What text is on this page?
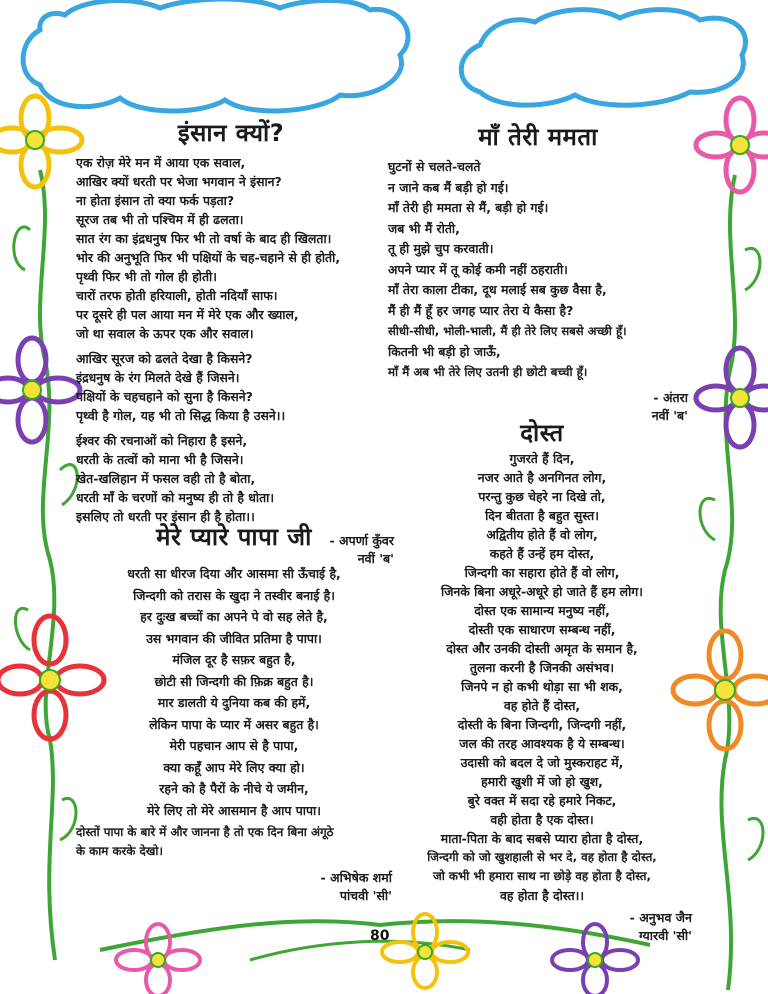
इंसान क्यों?
एक रोज़ मेरे मन में आया एक सवाल,
आखिर क्यों धरती पर भेजा भगवान ने इंसान?
ना होता इंसान तो क्या फर्क पड़ता?
सूरज तब भी तो पश्चिम में ही ढलता।
सात रंग का इंद्रधनुष फिर भी तो वर्षा के बाद ही खिलता।
भोर की अनुभूति फिर भी पक्षियों के चह-चहाने से ही होती,
पृथ्वी फिर भी तो गोल ही होती।
चारों तरफ होती हरियाली, होती नदियाँ साफ।
पर दूसरे ही पल आया मन में मेरे एक और ख्याल,
जो था सवाल के ऊपर एक और सवाल।
आखिर सूरज को ढलते देखा है किसने?
इंद्रधनुष के रंग मिलते देखे हैं जिसने।
पक्षियों के चहचहाने को सुना है किसने?
पृथ्वी है गोल, यह भी तो सिद्ध किया है उसने।।
ईश्वर की रचनाओं को निहारा है इसने,
धरती के तत्वों को माना भी है जिसने।
खेत-खलिहान में फसल वही तो है बोता,
धरती माँ के चरणों को मनुष्य ही तो है धोता।
इसलिए तो धरती पर इंसान ही है होता।।
- अपर्णा कुँवर
नवीं 'ब'
मेरे प्यारे पापा जी
धरती सा धीरज दिया और आसमा सी ऊँचाई है,
जिन्दगी को तरास के खुदा ने तस्वीर बनाई है।
हर दुःख बच्चों का अपने पे वो सह लेते है,
उस भगवान की जीवित प्रतिमा है पापा।
मंजिल दूर है सफ़र बहुत है,
छोटी सी जिन्दगी की फ़िक्र बहुत है।
मार डालती ये दुनिया कब की हमें,
लेकिन पापा के प्यार में असर बहुत है।
मेरी पहचान आप से है पापा,
क्या कहूँ आप मेरे लिए क्या हो।
रहने को है पैरों के नीचे ये जमीन,
मेरे लिए तो मेरे आसमान है आप पापा।
दोस्तों पापा के बारे में और जानना है तो एक दिन बिना अंगूठे
के काम करके देखो।
- अभिषेक शर्मा
पांचवी 'सी'
माँ तेरी ममता
घुटनों से चलते-चलते
न जाने कब मैं बड़ी हो गई।
माँ तेरी ही ममता से मैं, बड़ी हो गई।
जब भी मैं रोती,
तू ही मुझे चुप करवाती।
अपने प्यार में तू कोई कमी नहीं ठहराती।
माँ तेरा काला टीका, दूध मलाई सब कुछ वैसा है,
मैं ही मैं हूँ हर जगह प्यार तेरा ये कैसा है?
सीधी-सीधी, भोली-भाली, मैं ही तेरे लिए सबसे अच्छी हूँ।
कितनी भी बड़ी हो जाऊँ,
माँ मैं अब भी तेरे लिए उतनी ही छोटी बच्ची हूँ।
- अंतरा
नवीं 'ब'
दोस्त
गुजरते हैं दिन,
नजर आते है अनगिनत लोग,
परन्तु कुछ चेहरे ना दिखे तो,
दिन बीतता है बहुत सुस्त।
अद्वितीय होते हैं वो लोग,
कहते हैं उन्हें हम दोस्त,
जिन्दगी का सहारा होते हैं वो लोग,
जिनके बिना अधूरे-अधूरे हो जाते हैं हम लोग।
दोस्त एक सामान्य मनुष्य नहीं,
दोस्ती एक साधारण सम्बन्ध नहीं,
दोस्त और उनकी दोस्ती अमृत के समान है,
तुलना करनी है जिनकी असंभव।
जिनपे न हो कभी थोड़ा सा भी शक,
वह होते हैं दोस्त,
दोस्ती के बिना जिन्दगी, जिन्दगी नहीं,
जल की तरह आवश्यक है ये सम्बन्ध।
उदासी को बदल दे जो मुस्कराहट में,
हमारी खुशी में जो हो खुश,
बुरे वक्त में सदा रहे हमारे निकट,
वही होता है एक दोस्त।
माता-पिता के बाद सबसे प्यारा होता है दोस्त,
जिन्दगी को जो खुशहाली से भर दे, वह होता है दोस्त,
जो कभी भी हमारा साथ ना छोड़े वह होता है दोस्त,
वह होता है दोस्त।।
- अनुभव जैन
ग्यारवी 'सी'
80
